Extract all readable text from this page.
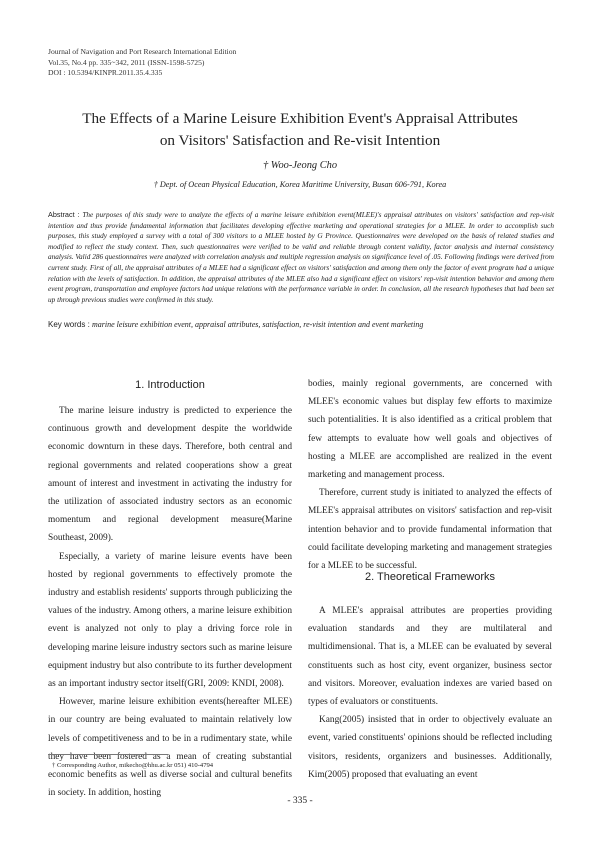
Journal of Navigation and Port Research International Edition
Vol.35, No.4 pp. 335~342, 2011 (ISSN-1598-5725)
DOI : 10.5394/KINPR.2011.35.4.335
The Effects of a Marine Leisure Exhibition Event's Appraisal Attributes
on Visitors' Satisfaction and Re-visit Intention
† Woo-Jeong Cho
† Dept. of Ocean Physical Education, Korea Maritime University, Busan 606-791, Korea
Abstract : The purposes of this study were to analyze the effects of a marine leisure exhibition event(MLEE)'s appraisal attributes on visitors' satisfaction and rep-visit intention and thus provide fundamental information that facilitates developing effective marketing and operational strategies for a MLEE. In order to accomplish such purposes, this study employed a survey with a total of 300 visitors to a MLEE hosted by G Province. Questionnaires were developed on the basis of related studies and modified to reflect the study context. Then, such questionnaires were verified to be valid and reliable through content validity, factor analysis and internal consistency analysis. Valid 286 questionnaires were analyzed with correlation analysis and multiple regression analysis on significance level of .05. Following findings were derived from current study. First of all, the appraisal attributes of a MLEE had a significant effect on visitors' satisfaction and among them only the factor of event program had a unique relation with the levels of satisfaction. In addition, the appraisal attributes of the MLEE also had a significant effect on visitors' rep-visit intention behavior and among them event program, transportation and employee factors had unique relations with the performance variable in order. In conclusion, all the research hypotheses that had been set up through previous studies were confirmed in this study.
Key words : marine leisure exhibition event, appraisal attributes, satisfaction, re-visit intention and event marketing
1. Introduction

The marine leisure industry is predicted to experience the continuous growth and development despite the worldwide economic downturn in these days. Therefore, both central and regional governments and related cooperations show a great amount of interest and investment in activating the industry for the utilization of associated industry sectors as an economic momentum and regional development measure(Marine Southeast, 2009).

Especially, a variety of marine leisure events have been hosted by regional governments to effectively promote the industry and establish residents' supports through publicizing the values of the industry. Among others, a marine leisure exhibition event is analyzed not only to play a driving force role in developing marine leisure industry sectors such as marine leisure equipment industry but also contribute to its further development as an important industry sector itself(GRI, 2009: KNDI, 2008).

However, marine leisure exhibition events(hereafter MLEE) in our country are being evaluated to maintain relatively low levels of competitiveness and to be in a rudimentary state, while they have been fostered as a mean of creating substantial economic benefits as well as diverse social and cultural benefits in society. In addition, hosting

bodies, mainly regional governments, are concerned with MLEE's economic values but display few efforts to maximize such potentialities. It is also identified as a critical problem that few attempts to evaluate how well goals and objectives of hosting a MLEE are accomplished are realized in the event marketing and management process.

Therefore, current study is initiated to analyzed the effects of MLEE's appraisal attributes on visitors' satisfaction and rep-visit intention behavior and to provide fundamental information that could facilitate developing marketing and management strategies for a MLEE to be successful.

2. Theoretical Frameworks

A MLEE's appraisal attributes are properties providing evaluation standards and they are multilateral and multidimensional. That is, a MLEE can be evaluated by several constituents such as host city, event organizer, business sector and visitors. Moreover, evaluation indexes are varied based on types of evaluators or constituents.

Kang(2005) insisted that in order to objectively evaluate an event, varied constituents' opinions should be reflected including visitors, residents, organizers and businesses. Additionally, Kim(2005) proposed that evaluating an event

† Corresponding Author, mikecho@hhu.ac.kr 051) 410-4794
- 335 -
